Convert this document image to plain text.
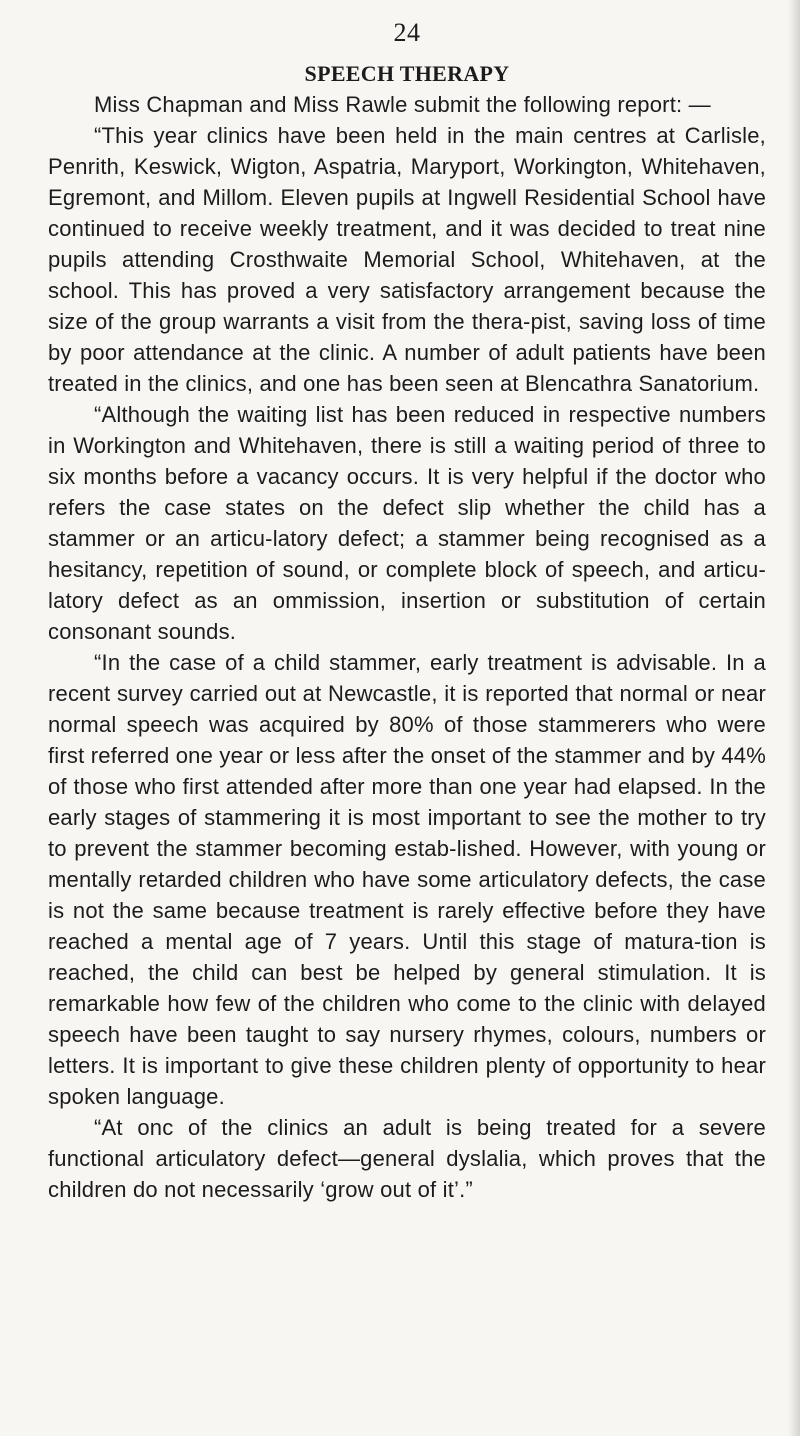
24
SPEECH THERAPY

Miss Chapman and Miss Rawle submit the following report: —

“This year clinics have been held in the main centres at Carlisle, Penrith, Keswick, Wigton, Aspatria, Maryport, Workington, Whitehaven, Egremont, and Millom. Eleven pupils at Ingwell Residential School have continued to receive weekly treatment, and it was decided to treat nine pupils attending Crosthwaite Memorial School, Whitehaven, at the school. This has proved a very satisfactory arrangement because the size of the group warrants a visit from the thera-pist, saving loss of time by poor attendance at the clinic. A number of adult patients have been treated in the clinics, and one has been seen at Blencathra Sanatorium.

“Although the waiting list has been reduced in respective numbers in Workington and Whitehaven, there is still a waiting period of three to six months before a vacancy occurs. It is very helpful if the doctor who refers the case states on the defect slip whether the child has a stammer or an articu-latory defect; a stammer being recognised as a hesitancy, repetition of sound, or complete block of speech, and articu-latory defect as an ommission, insertion or substitution of certain consonant sounds.

“In the case of a child stammer, early treatment is advisable. In a recent survey carried out at Newcastle, it is reported that normal or near normal speech was acquired by 80% of those stammerers who were first referred one year or less after the onset of the stammer and by 44% of those who first attended after more than one year had elapsed. In the early stages of stammering it is most important to see the mother to try to prevent the stammer becoming estab-lished. However, with young or mentally retarded children who have some articulatory defects, the case is not the same because treatment is rarely effective before they have reached a mental age of 7 years. Until this stage of matura-tion is reached, the child can best be helped by general stimulation. It is remarkable how few of the children who come to the clinic with delayed speech have been taught to say nursery rhymes, colours, numbers or letters. It is important to give these children plenty of opportunity to hear spoken language.

“At onc of the clinics an adult is being treated for a severe functional articulatory defect—general dyslalia, which proves that the children do not necessarily ‘grow out of it’.”
